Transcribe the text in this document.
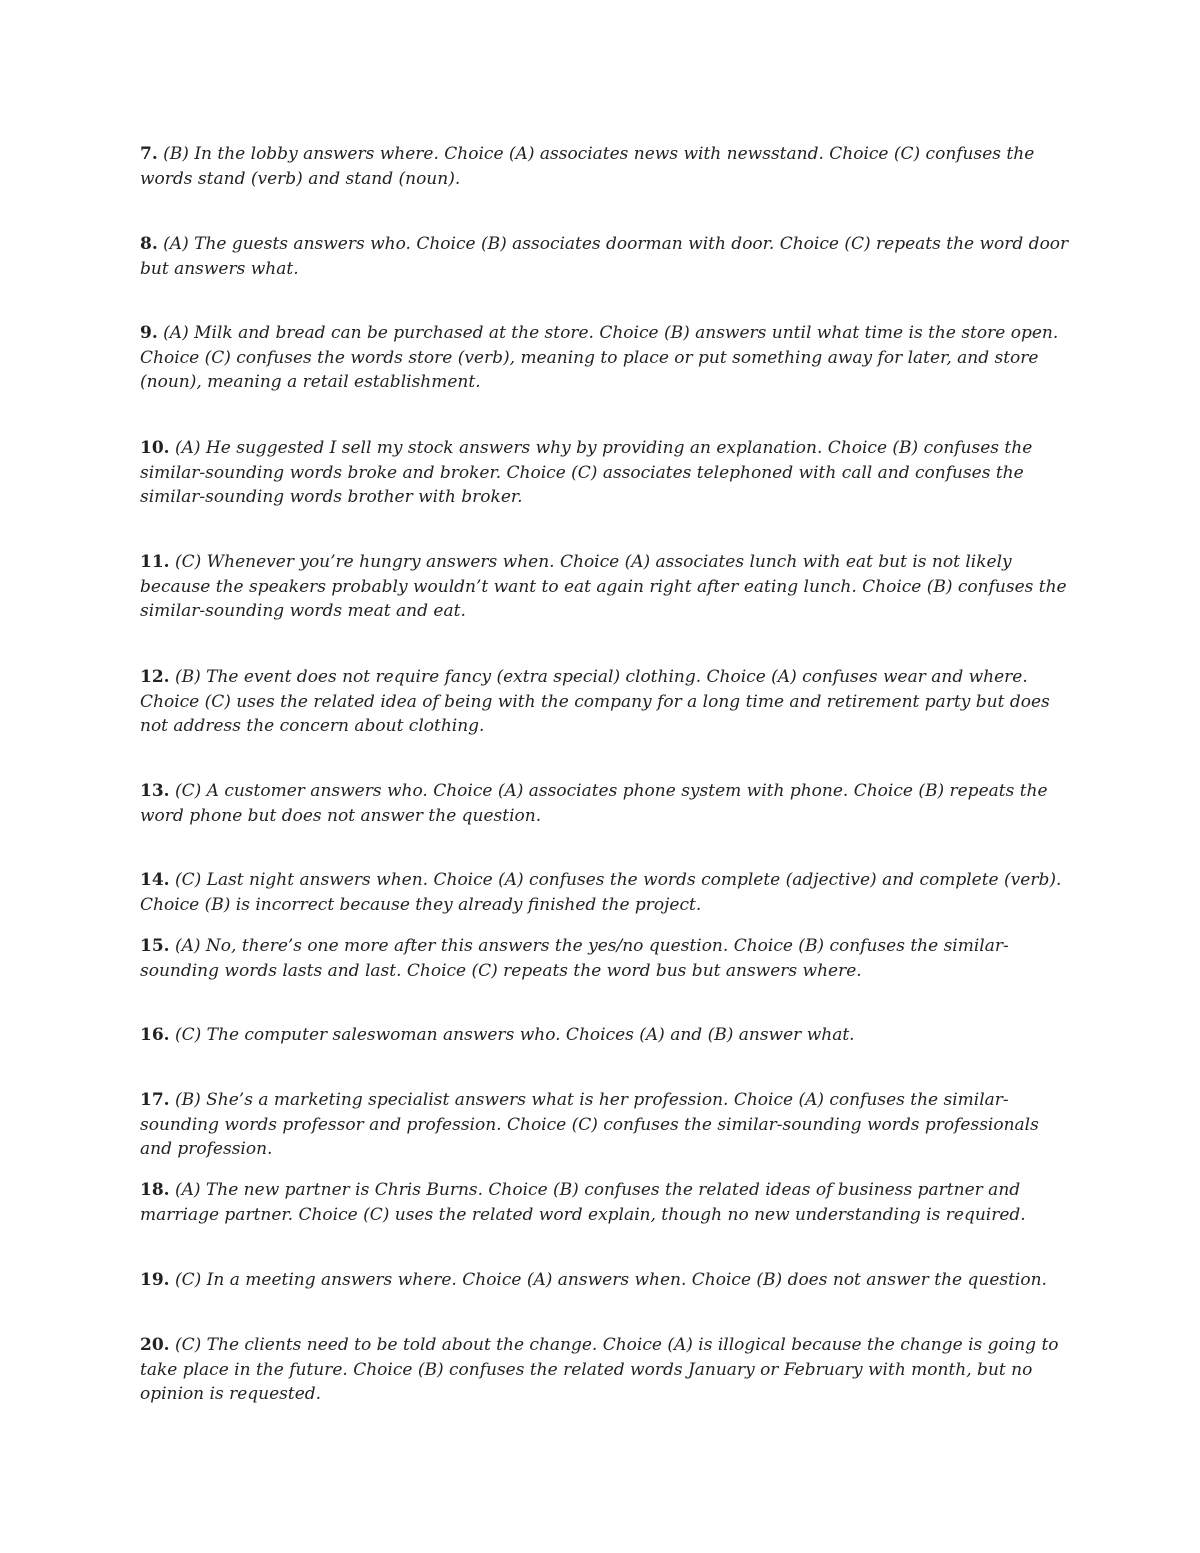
7. (B) In the lobby answers where. Choice (A) associates news with newsstand. Choice (C) confuses the words stand (verb) and stand (noun).

8. (A) The guests answers who. Choice (B) associates doorman with door. Choice (C) repeats the word door but answers what.

9. (A) Milk and bread can be purchased at the store. Choice (B) answers until what time is the store open. Choice (C) confuses the words store (verb), meaning to place or put something away for later, and store (noun), meaning a retail establishment.

10. (A) He suggested I sell my stock answers why by providing an explanation. Choice (B) confuses the similar-sounding words broke and broker. Choice (C) associates telephoned with call and confuses the similar-sounding words brother with broker.

11. (C) Whenever you’re hungry answers when. Choice (A) associates lunch with eat but is not likely because the speakers probably wouldn’t want to eat again right after eating lunch. Choice (B) confuses the similar-sounding words meat and eat.

12. (B) The event does not require fancy (extra special) clothing. Choice (A) confuses wear and where. Choice (C) uses the related idea of being with the company for a long time and retirement party but does not address the concern about clothing.

13. (C) A customer answers who. Choice (A) associates phone system with phone. Choice (B) repeats the word phone but does not answer the question.

14. (C) Last night answers when. Choice (A) confuses the words complete (adjective) and complete (verb). Choice (B) is incorrect because they already finished the project.

15. (A) No, there’s one more after this answers the yes/no question. Choice (B) confuses the similar-sounding words lasts and last. Choice (C) repeats the word bus but answers where.

16. (C) The computer saleswoman answers who. Choices (A) and (B) answer what.

17. (B) She’s a marketing specialist answers what is her profession. Choice (A) confuses the similar-sounding words professor and profession. Choice (C) confuses the similar-sounding words professionals and profession.

18. (A) The new partner is Chris Burns. Choice (B) confuses the related ideas of business partner and marriage partner. Choice (C) uses the related word explain, though no new understanding is required.

19. (C) In a meeting answers where. Choice (A) answers when. Choice (B) does not answer the question.

20. (C) The clients need to be told about the change. Choice (A) is illogical because the change is going to take place in the future. Choice (B) confuses the related words January or February with month, but no opinion is requested.
